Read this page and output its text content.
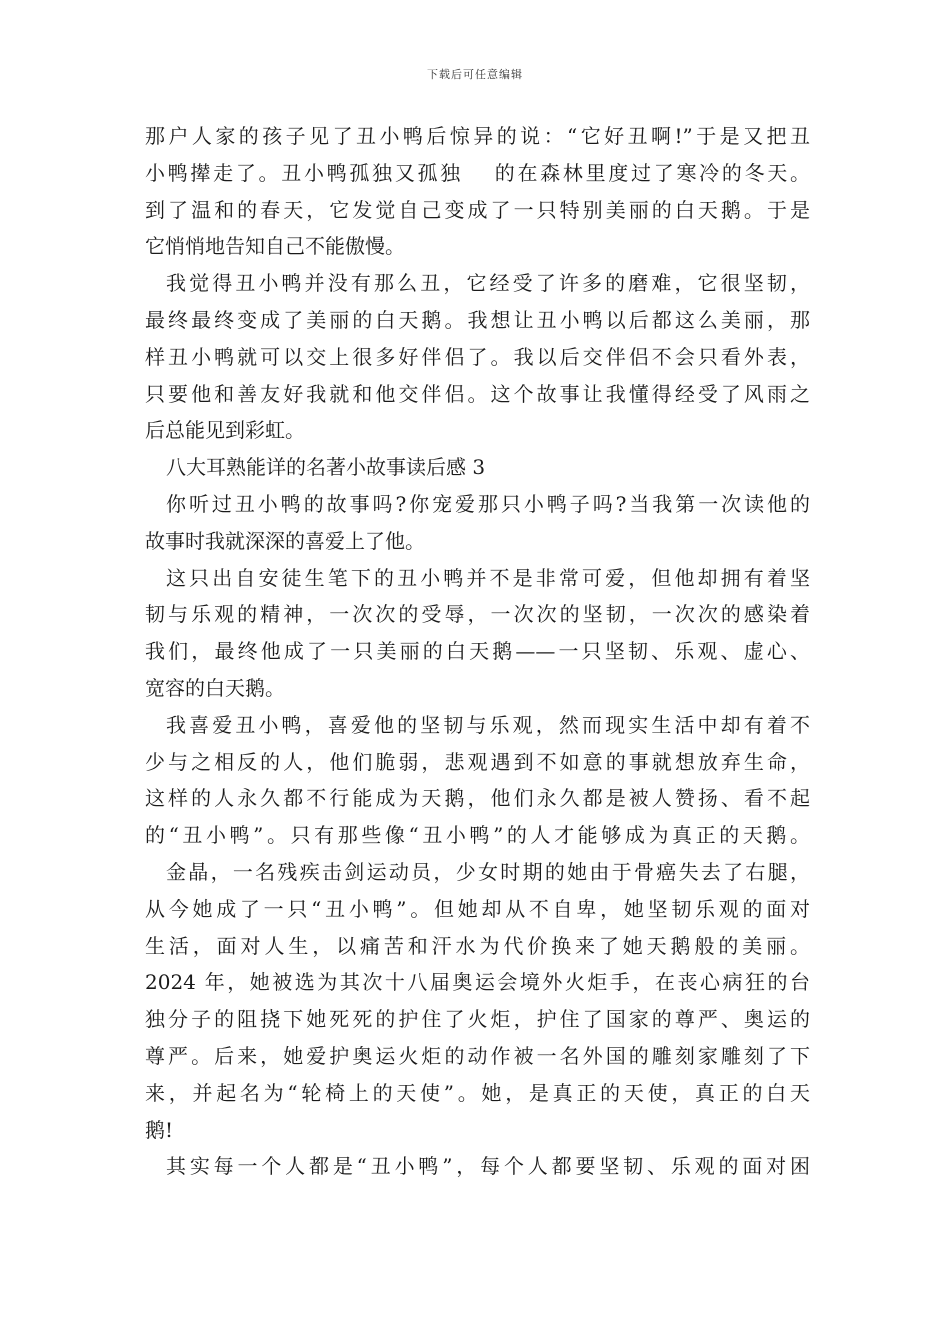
下载后可任意编辑
那户人家的孩子见了丑小鸭后惊异的说：“它好丑啊!”于是又把丑
小鸭撵走了。丑小鸭孤独又孤独　 的在森林里度过了寒冷的冬天。
到了温和的春天，它发觉自己变成了一只特别美丽的白天鹅。于是
它悄悄地告知自己不能傲慢。
我觉得丑小鸭并没有那么丑，它经受了许多的磨难，它很坚韧，
最终最终变成了美丽的白天鹅。我想让丑小鸭以后都这么美丽，那
样丑小鸭就可以交上很多好伴侣了。我以后交伴侣不会只看外表，
只要他和善友好我就和他交伴侣。这个故事让我懂得经受了风雨之
后总能见到彩虹。
八大耳熟能详的名著小故事读后感 3
你听过丑小鸭的故事吗?你宠爱那只小鸭子吗?当我第一次读他的
故事时我就深深的喜爱上了他。
这只出自安徒生笔下的丑小鸭并不是非常可爱，但他却拥有着坚
韧与乐观的精神，一次次的受辱，一次次的坚韧，一次次的感染着
我们，最终他成了一只美丽的白天鹅——一只坚韧、乐观、虚心、
宽容的白天鹅。
我喜爱丑小鸭，喜爱他的坚韧与乐观，然而现实生活中却有着不
少与之相反的人，他们脆弱，悲观遇到不如意的事就想放弃生命，
这样的人永久都不行能成为天鹅，他们永久都是被人赞扬、看不起
的“丑小鸭”。只有那些像“丑小鸭”的人才能够成为真正的天鹅。
金晶，一名残疾击剑运动员，少女时期的她由于骨癌失去了右腿，
从今她成了一只“丑小鸭”。但她却从不自卑，她坚韧乐观的面对
生活，面对人生，以痛苦和汗水为代价换来了她天鹅般的美丽。
2024 年，她被选为其次十八届奥运会境外火炬手，在丧心病狂的台
独分子的阻挠下她死死的护住了火炬，护住了国家的尊严、奥运的
尊严。后来，她爱护奥运火炬的动作被一名外国的雕刻家雕刻了下
来，并起名为“轮椅上的天使”。她，是真正的天使，真正的白天
鹅!
其实每一个人都是“丑小鸭”，每个人都要坚韧、乐观的面对困
